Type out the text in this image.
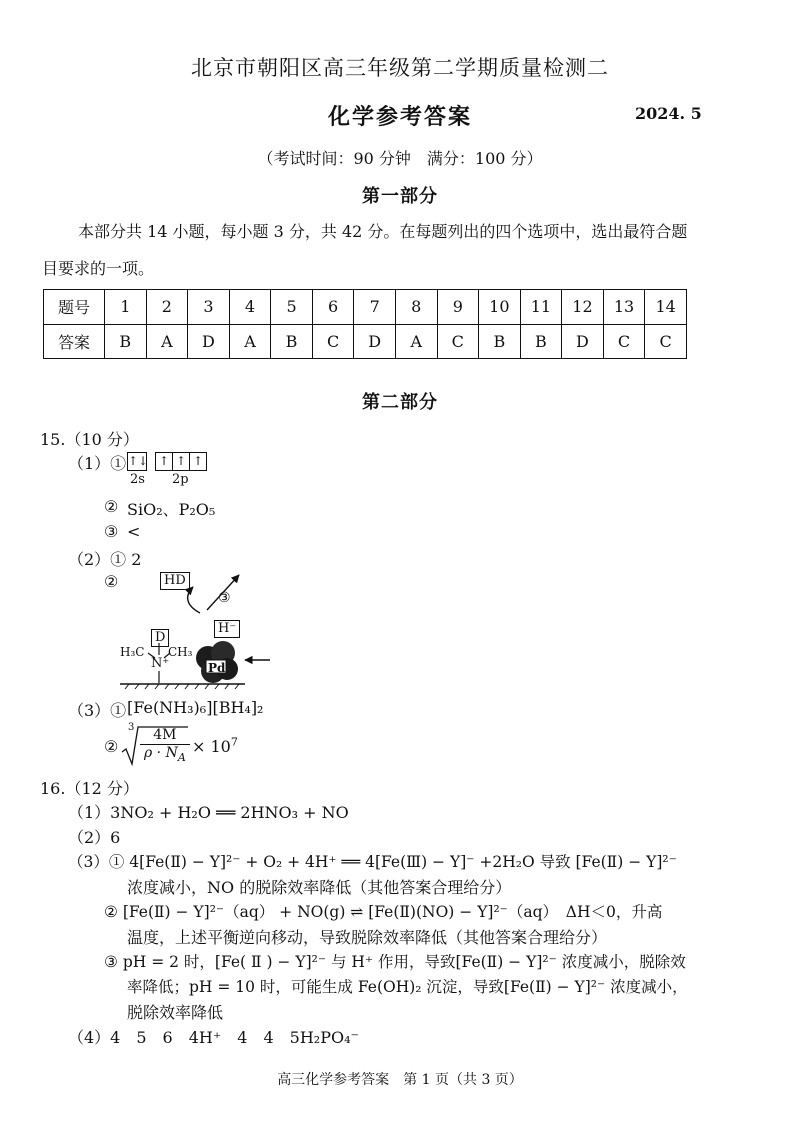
北京市朝阳区高三年级第二学期质量检测二
化学参考答案	2024. 5
（考试时间：90 分钟　满分：100 分）
第一部分
本部分共 14 小题，每小题 3 分，共 42 分。在每题列出的四个选项中，选出最符合题
目要求的一项。
题号	1	2	3	4	5	6	7	8	9	10	11	12	13	14
答案	B	A	D	A	B	C	D	A	C	B	B	D	C	C
第二部分
15.（10 分）
（1）① ↑↓ ↑ ↑ ↑
2s 2p
② SiO₂、P₂O₅
③ <
（2）① 2
②	HD
③
D
H⁻
H₃C CH₃
N⁺	Pd
（3）① [Fe(NH₃)₆][BH₄]₂
②
$3 \frac{4M}{\rho \cdot N_A} \times 10^7$
16.（12 分）
（1）3NO₂ + H₂O ══ 2HNO₃ + NO
（2）6
（3）① 4[Fe(Ⅱ) − Y]²⁻ + O₂ + 4H⁺ ══ 4[Fe(Ⅲ) − Y]⁻ +2H₂O 导致 [Fe(Ⅱ) − Y]²⁻
浓度减小，NO 的脱除效率降低（其他答案合理给分）
② [Fe(Ⅱ) − Y]²⁻（aq） + NO(g) ⇌ [Fe(Ⅱ)(NO) − Y]²⁻（aq）　ΔH＜0，升高
温度，上述平衡逆向移动，导致脱除效率降低（其他答案合理给分）
③ pH = 2 时，[Fe( Ⅱ ) − Y]²⁻ 与 H⁺ 作用，导致[Fe(Ⅱ) − Y]²⁻ 浓度减小，脱除效
率降低；pH = 10 时，可能生成 Fe(OH)₂ 沉淀，导致[Fe(Ⅱ) − Y]²⁻ 浓度减小，
脱除效率降低
（4）4　5　6　4H⁺　4　4　5H₂PO₄⁻
高三化学参考答案　第 1 页（共 3 页）
